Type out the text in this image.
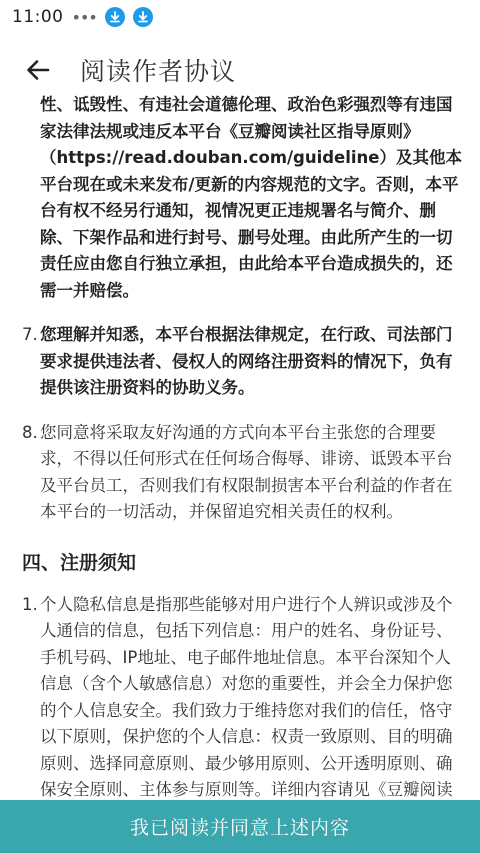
11:00 •••
阅读作者协议
性、诋毁性、有违社会道德伦理、政治色彩强烈等有违国家法律法规或违反本平台《豆瓣阅读社区指导原则》（https://read.douban.com/guideline）及其他本平台现在或未来发布/更新的内容规范的文字。否则，本平台有权不经另行通知，视情况更正违规署名与简介、删除、下架作品和进行封号、删号处理。由此所产生的一切责任应由您自行独立承担，由此给本平台造成损失的，还需一并赔偿。
7. 您理解并知悉，本平台根据法律规定，在行政、司法部门要求提供违法者、侵权人的网络注册资料的情况下，负有提供该注册资料的协助义务。
8. 您同意将采取友好沟通的方式向本平台主张您的合理要求，不得以任何形式在任何场合侮辱、诽谤、诋毁本平台及平台员工，否则我们有权限制损害本平台利益的作者在本平台的一切活动，并保留追究相关责任的权利。
四、注册须知
1. 个人隐私信息是指那些能够对用户进行个人辨识或涉及个人通信的信息，包括下列信息：用户的姓名、身份证号、手机号码、IP地址、电子邮件地址信息。本平台深知个人信息（含个人敏感信息）对您的重要性，并会全力保护您的个人信息安全。我们致力于维持您对我们的信任，恪守以下原则，保护您的个人信息：权责一致原则、目的明确原则、选择同意原则、最少够用原则、公开透明原则、确保安全原则、主体参与原则等。详细内容请见《豆瓣阅读
我已阅读并同意上述内容
